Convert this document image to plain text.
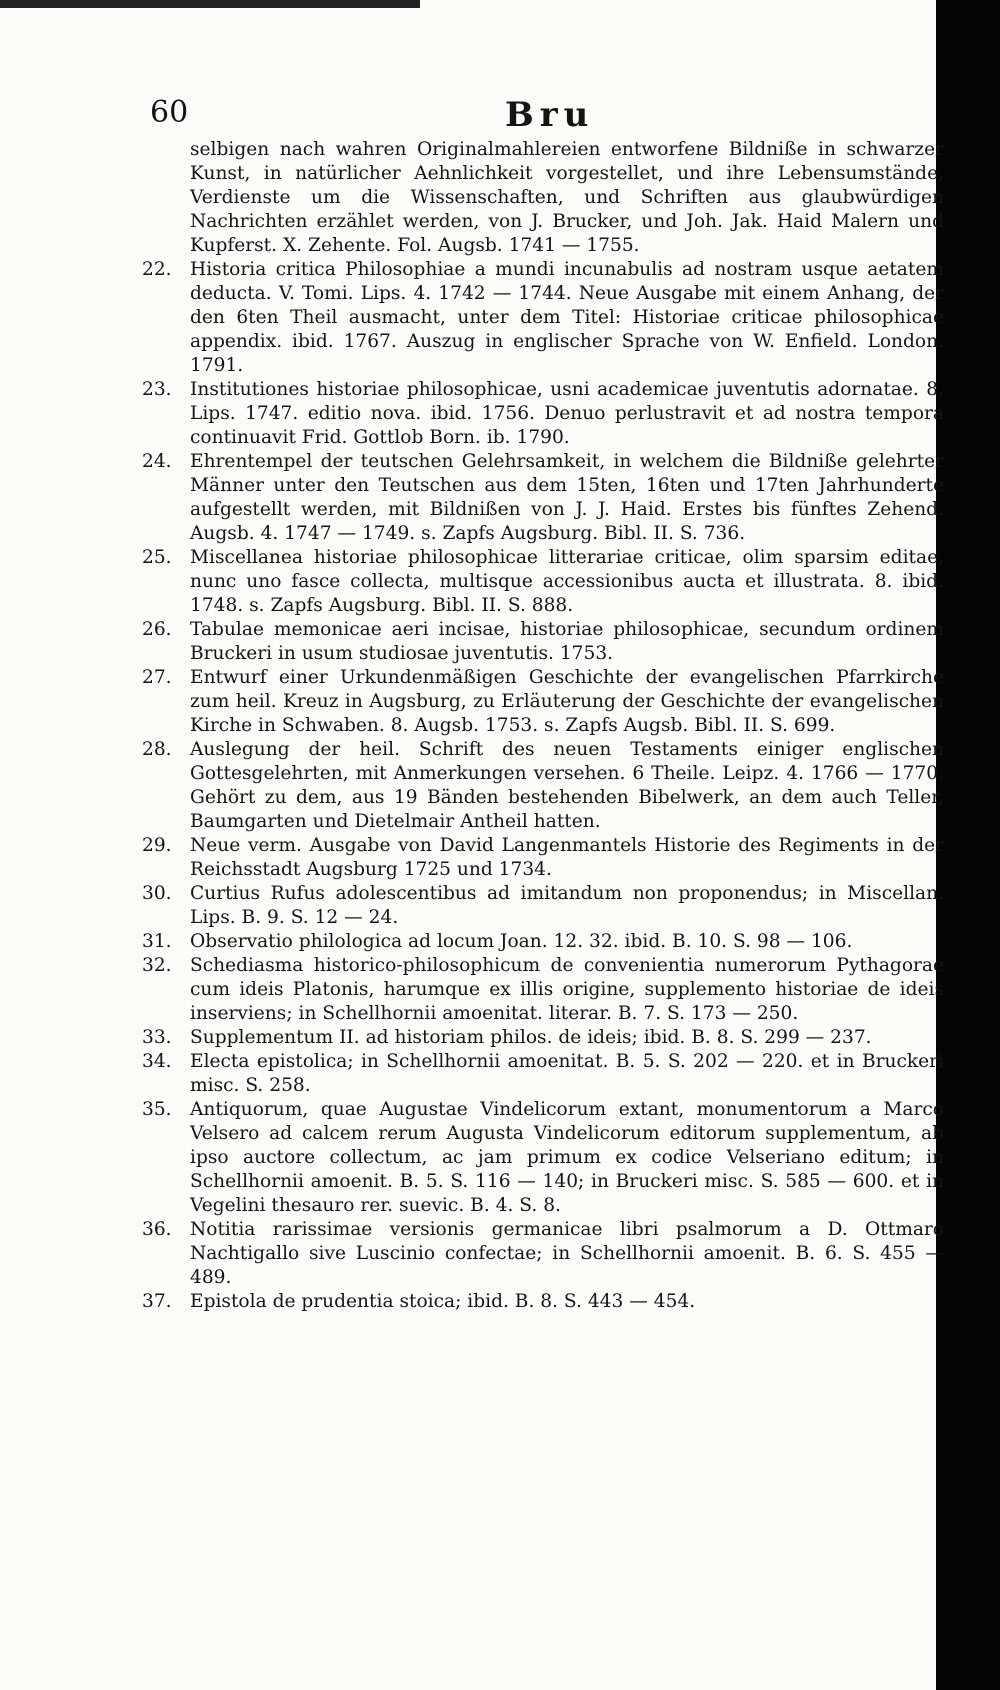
60	Bru
selbigen nach wahren Originalmahlereien entworfene Bildniße in schwarzer Kunst, in natürlicher Aehnlichkeit vorgestellet, und ihre Lebensumstände, Verdienste um die Wissenschaften, und Schriften aus glaubwürdigen Nachrichten erzählet werden, von J. Brucker, und Joh. Jak. Haid Malern und Kupferst. X. Zehente. Fol. Augsb. 1741 — 1755.
22. Historia critica Philosophiae a mundi incunabulis ad nostram usque aetatem deducta. V. Tomi. Lips. 4. 1742 — 1744. Neue Ausgabe mit einem Anhang, der den 6ten Theil ausmacht, unter dem Titel: Historiae criticae philosophicae appendix. ibid. 1767. Auszug in englischer Sprache von W. Enfield. London. 1791.
23. Institutiones historiae philosophicae, usni academicae juventutis adornatae. 8. Lips. 1747. editio nova. ibid. 1756. Denuo perlustravit et ad nostra tempora continuavit Frid. Gottlob Born. ib. 1790.
24. Ehrentempel der teutschen Gelehrsamkeit, in welchem die Bildniße gelehrter Männer unter den Teutschen aus dem 15ten, 16ten und 17ten Jahrhunderte aufgestellt werden, mit Bildnißen von J. J. Haid. Erstes bis fünftes Zehend. Augsb. 4. 1747 — 1749. s. Zapfs Augsburg. Bibl. II. S. 736.
25. Miscellanea historiae philosophicae litterariae criticae, olim sparsim editae, nunc uno fasce collecta, multisque accessionibus aucta et illustrata. 8. ibid. 1748. s. Zapfs Augsburg. Bibl. II. S. 888.
26. Tabulae memonicae aeri incisae, historiae philosophicae, secundum ordinem Bruckeri in usum studiosae juventutis. 1753.
27. Entwurf einer Urkundenmäßigen Geschichte der evangelischen Pfarrkirche zum heil. Kreuz in Augsburg, zu Erläuterung der Geschichte der evangelischen Kirche in Schwaben. 8. Augsb. 1753. s. Zapfs Augsb. Bibl. II. S. 699.
28. Auslegung der heil. Schrift des neuen Testaments einiger englischen Gottesgelehrten, mit Anmerkungen versehen. 6 Theile. Leipz. 4. 1766 — 1770. Gehört zu dem, aus 19 Bänden bestehenden Bibelwerk, an dem auch Teller, Baumgarten und Dietelmair Antheil hatten.
29. Neue verm. Ausgabe von David Langenmantels Historie des Regiments in der Reichsstadt Augsburg 1725 und 1734.
30. Curtius Rufus adolescentibus ad imitandum non proponendus; in Miscellan. Lips. B. 9. S. 12 — 24.
31. Observatio philologica ad locum Joan. 12. 32. ibid. B. 10. S. 98 — 106.
32. Schediasma historico-philosophicum de convenientia numerorum Pythagorae cum ideis Platonis, harumque ex illis origine, supplemento historiae de ideis inserviens; in Schellhornii amoenitat. literar. B. 7. S. 173 — 250.
33. Supplementum II. ad historiam philos. de ideis; ibid. B. 8. S. 299 — 237.
34. Electa epistolica; in Schellhornii amoenitat. B. 5. S. 202 — 220. et in Bruckeri misc. S. 258.
35. Antiquorum, quae Augustae Vindelicorum extant, monumentorum a Marco Velsero ad calcem rerum Augusta Vindelicorum editorum supplementum, ab ipso auctore collectum, ac jam primum ex codice Velseriano editum; in Schellhornii amoenit. B. 5. S. 116 — 140; in Bruckeri misc. S. 585 — 600. et in Vegelini thesauro rer. suevic. B. 4. S. 8.
36. Notitia rarissimae versionis germanicae libri psalmorum a D. Ottmaro Nachtigallo sive Luscinio confectae; in Schellhornii amoenit. B. 6. S. 455 — 489.
37. Epistola de prudentia stoica; ibid. B. 8. S. 443 — 454.
